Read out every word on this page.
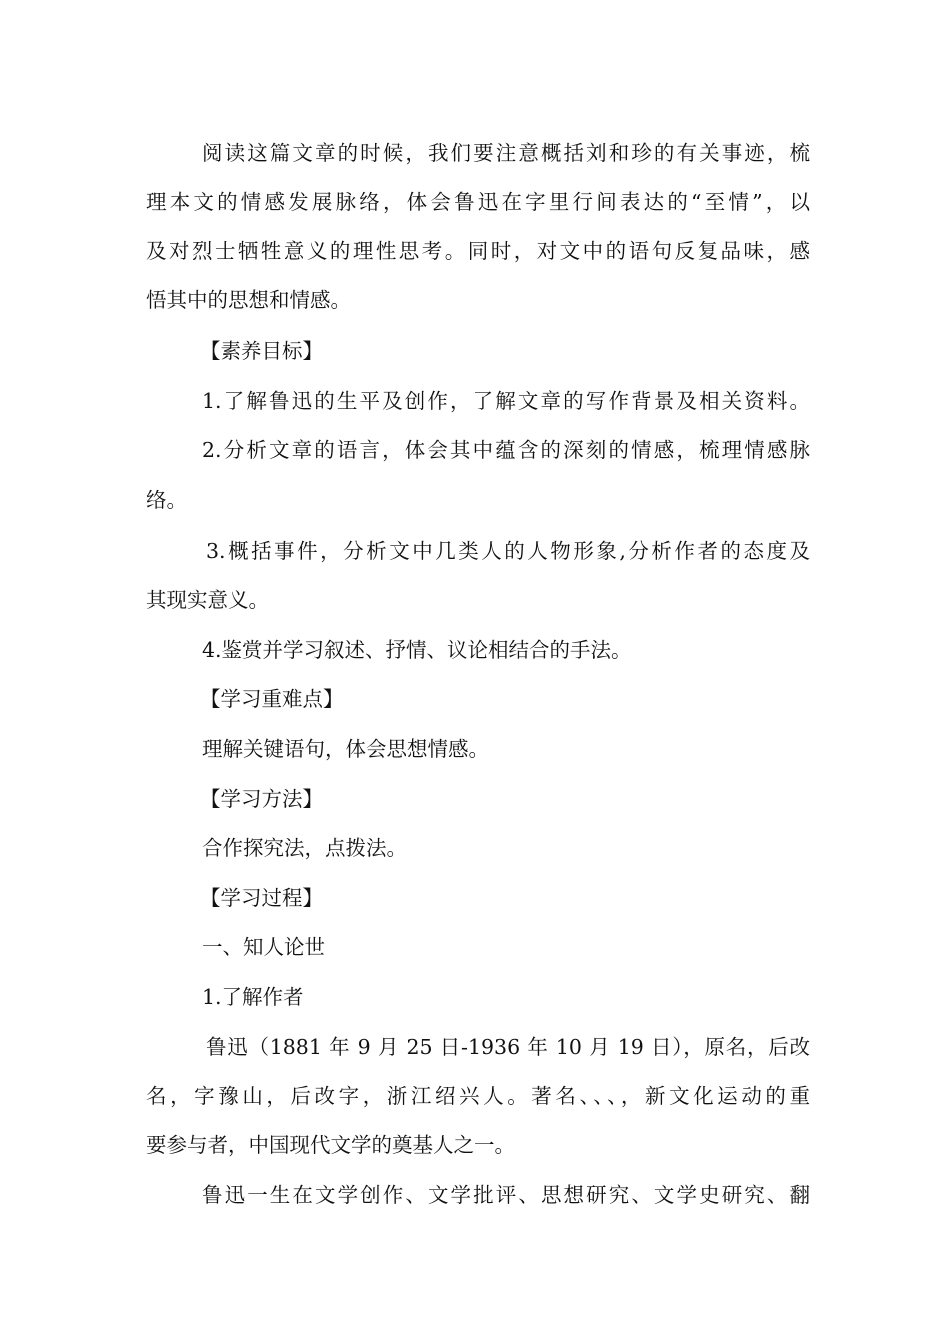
阅读这篇文章的时候，我们要注意概括刘和珍的有关事迹，梳
理本文的情感发展脉络，体会鲁迅在字里行间表达的“至情”，以
及对烈士牺牲意义的理性思考。同时，对文中的语句反复品味，感
悟其中的思想和情感。
【素养目标】
1.了解鲁迅的生平及创作，了解文章的写作背景及相关资料。
2.分析文章的语言，体会其中蕴含的深刻的情感，梳理情感脉
络。
3.概括事件，分析文中几类人的人物形象,分析作者的态度及
其现实意义。
4.鉴赏并学习叙述、抒情、议论相结合的手法。
【学习重难点】
理解关键语句，体会思想情感。
【学习方法】
合作探究法，点拨法。
【学习过程】
一、知人论世
1.了解作者
鲁迅（1881 年 9 月 25 日-1936 年 10 月 19 日），原名，后改
名，字豫山，后改字，浙江绍兴人。著名、、、，新文化运动的重
要参与者，中国现代文学的奠基人之一。
鲁迅一生在文学创作、文学批评、思想研究、文学史研究、翻
